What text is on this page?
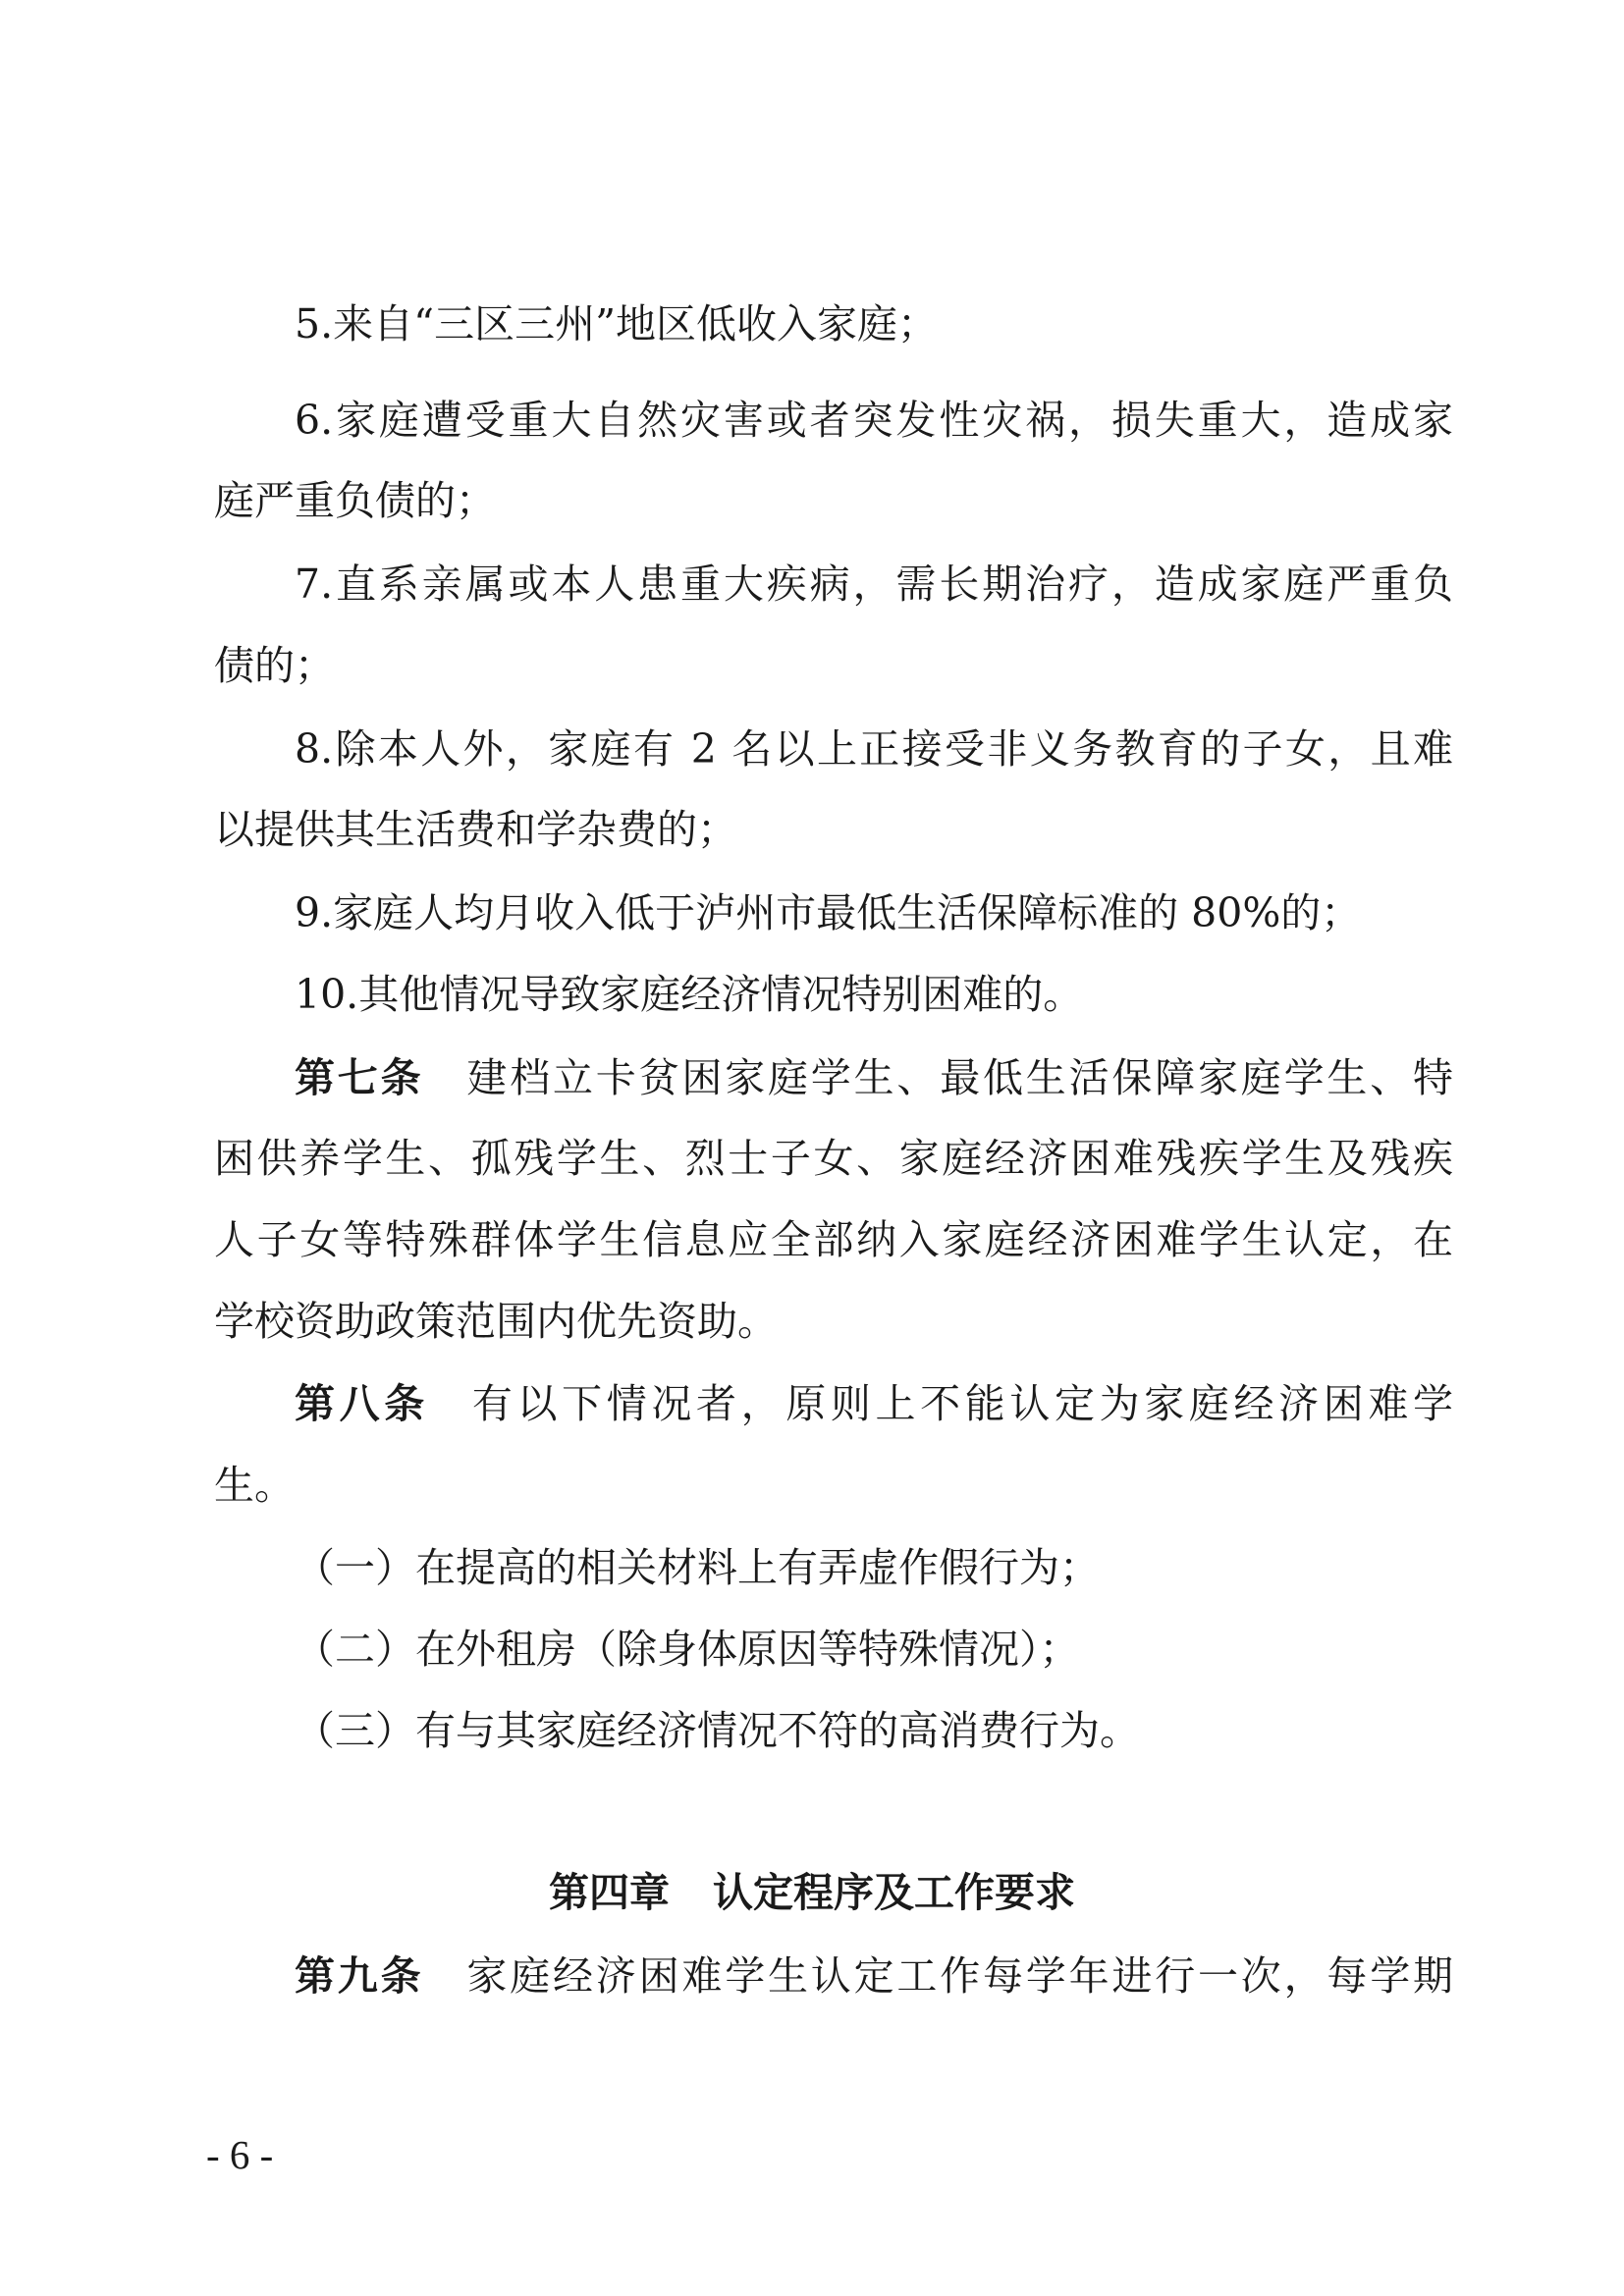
5.来自“三区三州”地区低收入家庭；
6.家庭遭受重大自然灾害或者突发性灾祸，损失重大，造成家
庭严重负债的；
7.直系亲属或本人患重大疾病，需长期治疗，造成家庭严重负
债的；
8.除本人外，家庭有 2 名以上正接受非义务教育的子女，且难
以提供其生活费和学杂费的；
9.家庭人均月收入低于泸州市最低生活保障标准的 80%的；
10.其他情况导致家庭经济情况特别困难的。
第七条 建档立卡贫困家庭学生、最低生活保障家庭学生、特
困供养学生、孤残学生、烈士子女、家庭经济困难残疾学生及残疾
人子女等特殊群体学生信息应全部纳入家庭经济困难学生认定，在
学校资助政策范围内优先资助。
第八条 有以下情况者，原则上不能认定为家庭经济困难学
生。
（一）在提高的相关材料上有弄虚作假行为；
（二）在外租房（除身体原因等特殊情况）；
（三）有与其家庭经济情况不符的高消费行为。
第四章 认定程序及工作要求
第九条 家庭经济困难学生认定工作每学年进行一次，每学期
- 6 -
